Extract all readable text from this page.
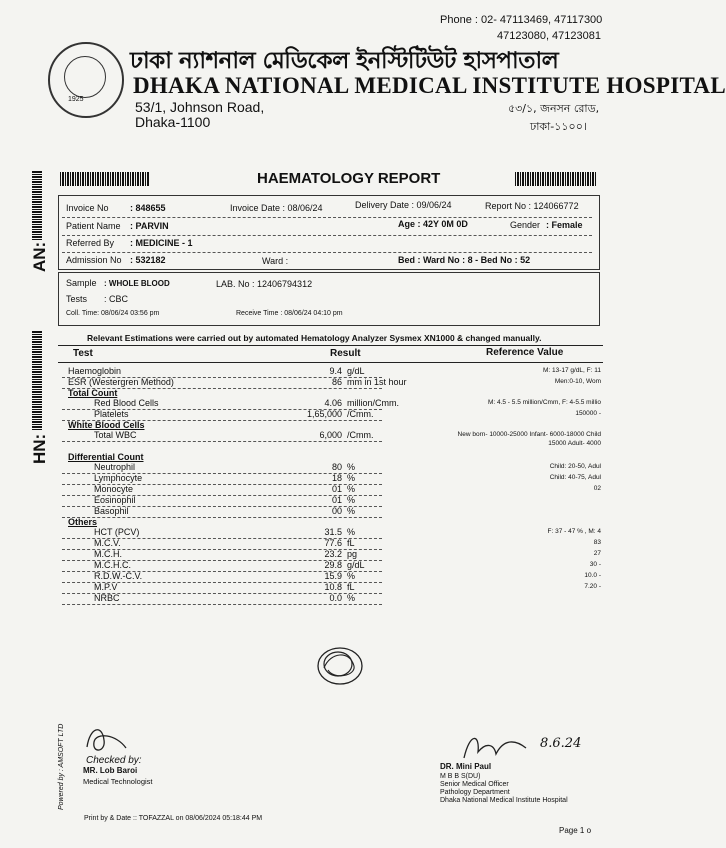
Phone : 02- 47113469, 47117300
47123080, 47123081
1925
ঢাকা ন্যাশনাল মেডিকেল ইনস্টিটিউট হাসপাতাল
DHAKA NATIONAL MEDICAL INSTITUTE HOSPITAL
53/1, Johnson Road,
Dhaka-1100
৫৩/১, জনসন রোড,
ঢাকা-১১০০।
AN:
HN:
HAEMATOLOGY REPORT
Invoice No : 848655	Invoice Date : 08/06/24	Delivery Date : 09/06/24	Report No : 124066772
Patient Name : PARVIN	Age : 42Y 0M 0D	Gender : Female
Referred By : MEDICINE - 1
Admission No : 532182	Ward :	Bed : Ward No : 8 - Bed No : 52
Sample : WHOLE BLOOD	LAB. No : 12406794312
Tests : CBC
Coll. Time: 08/06/24 03:56 pm	Receive Time : 08/06/24 04:10 pm
Relevant Estimations were carried out by automated Hematology Analyzer Sysmex XN1000 & changed manually.
Test	Result	Reference Value
Haemoglobin	9.4 g/dL	M: 13-17 g/dL, F: 11
ESR (Westergren Method)	86 mm in 1st hour	Men:0-10, Wom
Total Count
Red Blood Cells	4.06 million/Cmm.	M: 4.5 - 5.5 million/Cmm, F: 4-5.5 millio
Platelets	1,65,000 /Cmm.	150000 -
White Blood Cells
Total WBC	6,000 /Cmm.	New born- 10000-25000 Infant- 6000-18000 Child
15000 Adult- 4000
Differential Count
Neutrophil	80 %	Child: 20-50, Adul
Lymphocyte	18 %	Child: 40-75, Adul
Monocyte	01 %	02
Eosinophil	01 %
Basophil	00 %
Others
HCT (PCV)	31.5 %	F: 37 - 47 % , M: 4
M.C.V.	77.6 fL	83
M.C.H.	23.2 pg	27
M.C.H.C.	29.8 g/dL	30 -
R.D.W.-C.V.	15.9 %	10.0 -
M.P.V	10.8 fL	7.20 -
NRBC	0.0 %
Powered by : AMSOFT LTD Checked by:
MR. Lob Baroi
Medical Technologist
8.6.24
DR. Mini Paul
M B B S(DU)
Senior Medical Officer
Pathology Department
Dhaka National Medical Institute Hospital
Print by & Date :: TOFAZZAL on 08/06/2024 05:18:44 PM
Page 1 o
